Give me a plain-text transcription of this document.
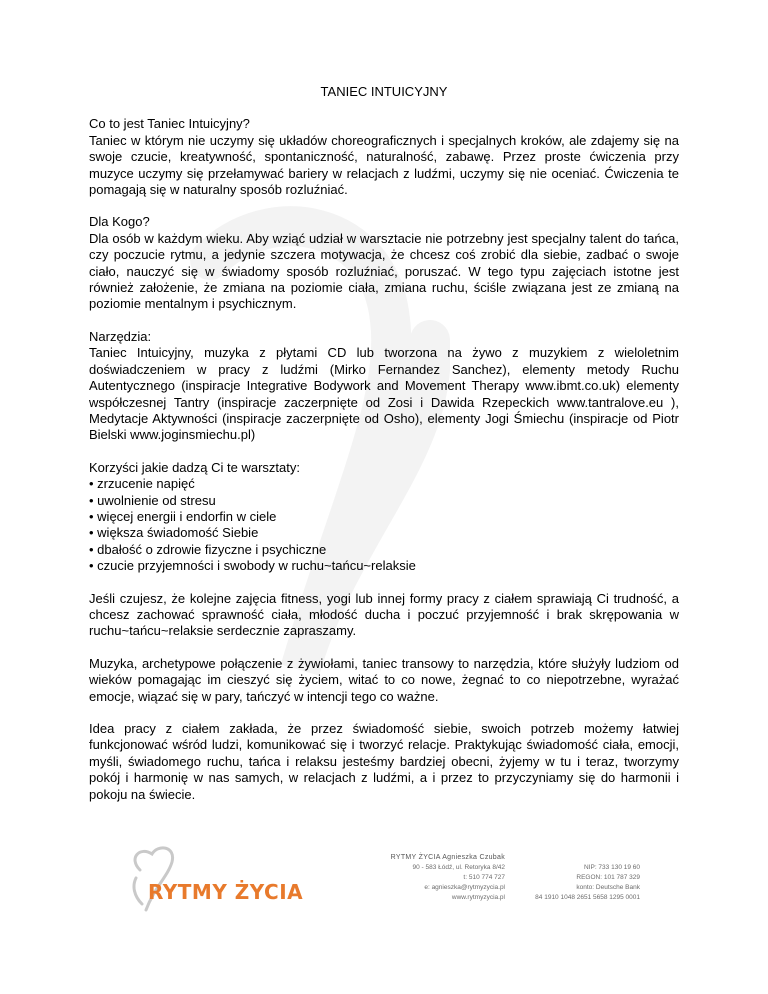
TANIEC INTUICYJNY
Co to jest Taniec Intuicyjny?

Taniec w którym nie uczymy się układów choreograficznych i specjalnych kroków, ale zdajemy się na swoje czucie, kreatywność, spontaniczność, naturalność, zabawę. Przez proste ćwiczenia przy muzyce uczymy się przełamywać bariery w relacjach z ludźmi, uczymy się nie oceniać. Ćwiczenia te pomagają się w naturalny sposób rozluźniać.

Dla Kogo?

Dla osób w każdym wieku. Aby wziąć udział w warsztacie nie potrzebny jest specjalny talent do tańca, czy poczucie rytmu, a jedynie szczera motywacja, że chcesz coś zrobić dla siebie, zadbać o swoje ciało, nauczyć się w świadomy sposób rozluźniać, poruszać. W tego typu zajęciach istotne jest również założenie, że zmiana na poziomie ciała, zmiana ruchu, ściśle związana jest ze zmianą na poziomie mentalnym i psychicznym.

Narzędzia:

Taniec Intuicyjny, muzyka z płytami CD lub tworzona na żywo z muzykiem z wieloletnim doświadczeniem w pracy z ludźmi (Mirko Fernandez Sanchez), elementy metody Ruchu Autentycznego (inspiracje Integrative Bodywork and Movement Therapy www.ibmt.co.uk) elementy współczesnej Tantry (inspiracje zaczerpnięte od Zosi i Dawida Rzepeckich www.tantralove.eu ), Medytacje Aktywności (inspiracje zaczerpnięte od Osho), elementy Jogi Śmiechu (inspiracje od Piotr Bielski www.joginsmiechu.pl)

Korzyści jakie dadzą Ci te warsztaty:
• zrzucenie napięć
• uwolnienie od stresu
• więcej energii i endorfin w ciele
• większa świadomość Siebie
• dbałość o zdrowie fizyczne i psychiczne
• czucie przyjemności i swobody w ruchu~tańcu~relaksie

Jeśli czujesz, że kolejne zajęcia fitness, yogi lub innej formy pracy z ciałem sprawiają Ci trudność, a chcesz zachować sprawność ciała, młodość ducha i poczuć przyjemność i brak skrępowania w ruchu~tańcu~relaksie serdecznie zapraszamy.

Muzyka, archetypowe połączenie z żywiołami, taniec transowy to narzędzia, które służyły ludziom od wieków pomagając im cieszyć się życiem, witać to co nowe, żegnać to co niepotrzebne, wyrażać emocje, wiązać się w pary, tańczyć w intencji tego co ważne.

Idea pracy z ciałem zakłada, że przez świadomość siebie, swoich potrzeb możemy łatwiej funkcjonować wśród ludzi, komunikować się i tworzyć relacje. Praktykując świadomość ciała, emocji, myśli, świadomego ruchu, tańca i relaksu jesteśmy bardziej obecni, żyjemy w tu i teraz, tworzymy pokój i harmonię w nas samych, w relacjach z ludźmi, a i przez to przyczyniamy się do harmonii i pokoju na świecie.

RYTMY ŻYCIA
RYTMY ŻYCIA Agnieszka Czubak
90 - 583 Łódź, ul. Retoryka 8/42
t: 510 774 727
e: agnieszka@rytmyzycia.pl
www.rytmyzycia.pl
NIP: 733 130 19 60
REGON: 101 787 329
konto: Deutsche Bank
84 1910 1048 2651 5658 1295 0001
